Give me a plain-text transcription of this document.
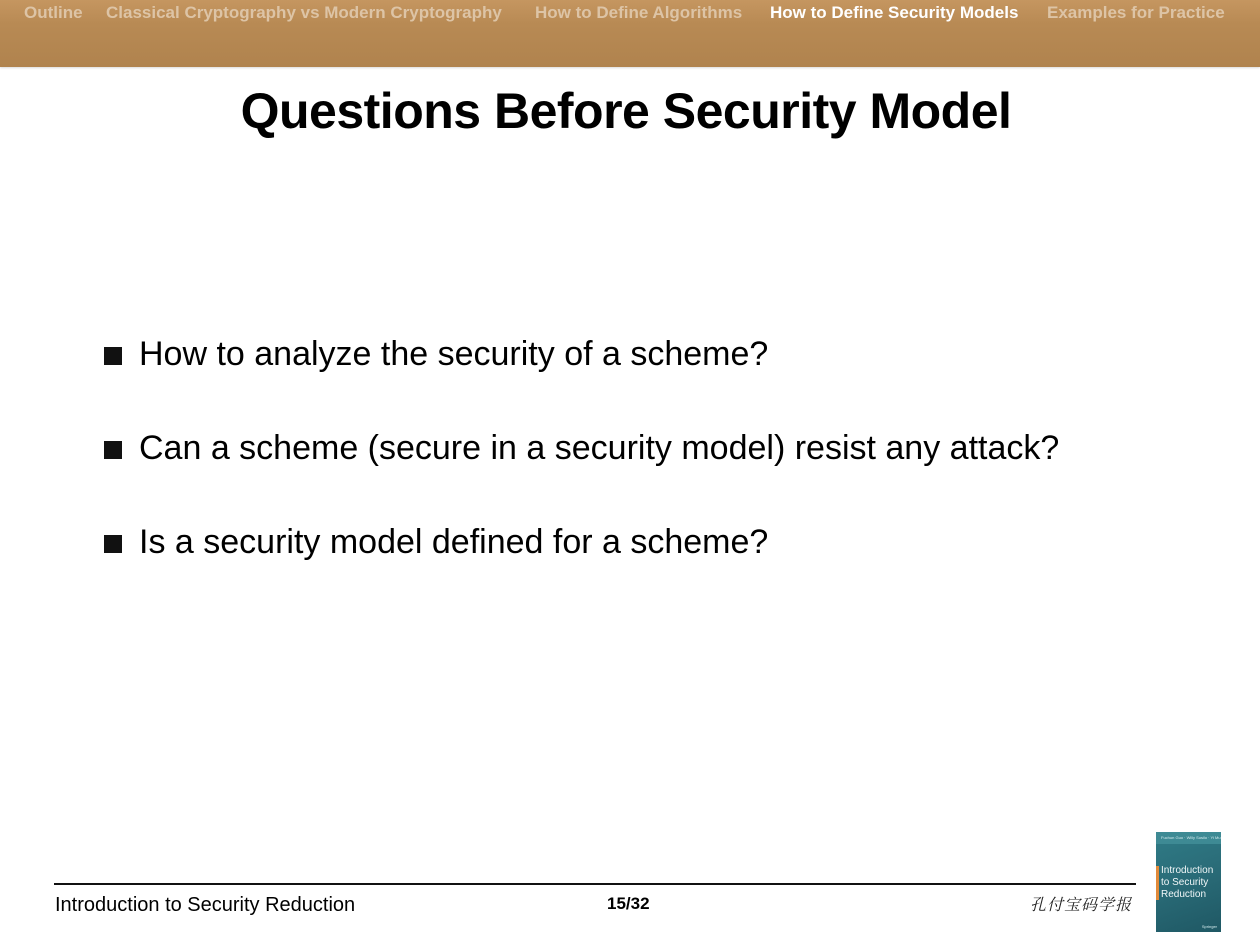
Outline Classical Cryptography vs Modern Cryptography How to Define Algorithms How to Define Security Models Examples for Practice
Questions Before Security Model
How to analyze the security of a scheme?
Can a scheme (secure in a security model) resist any attack?
Is a security model defined for a scheme?
Introduction to Security Reduction	15/32	孔付宝码学报
Fuchun Guo · Willy Susilo · Yi Mu
Introduction to Security Reduction
Springer
